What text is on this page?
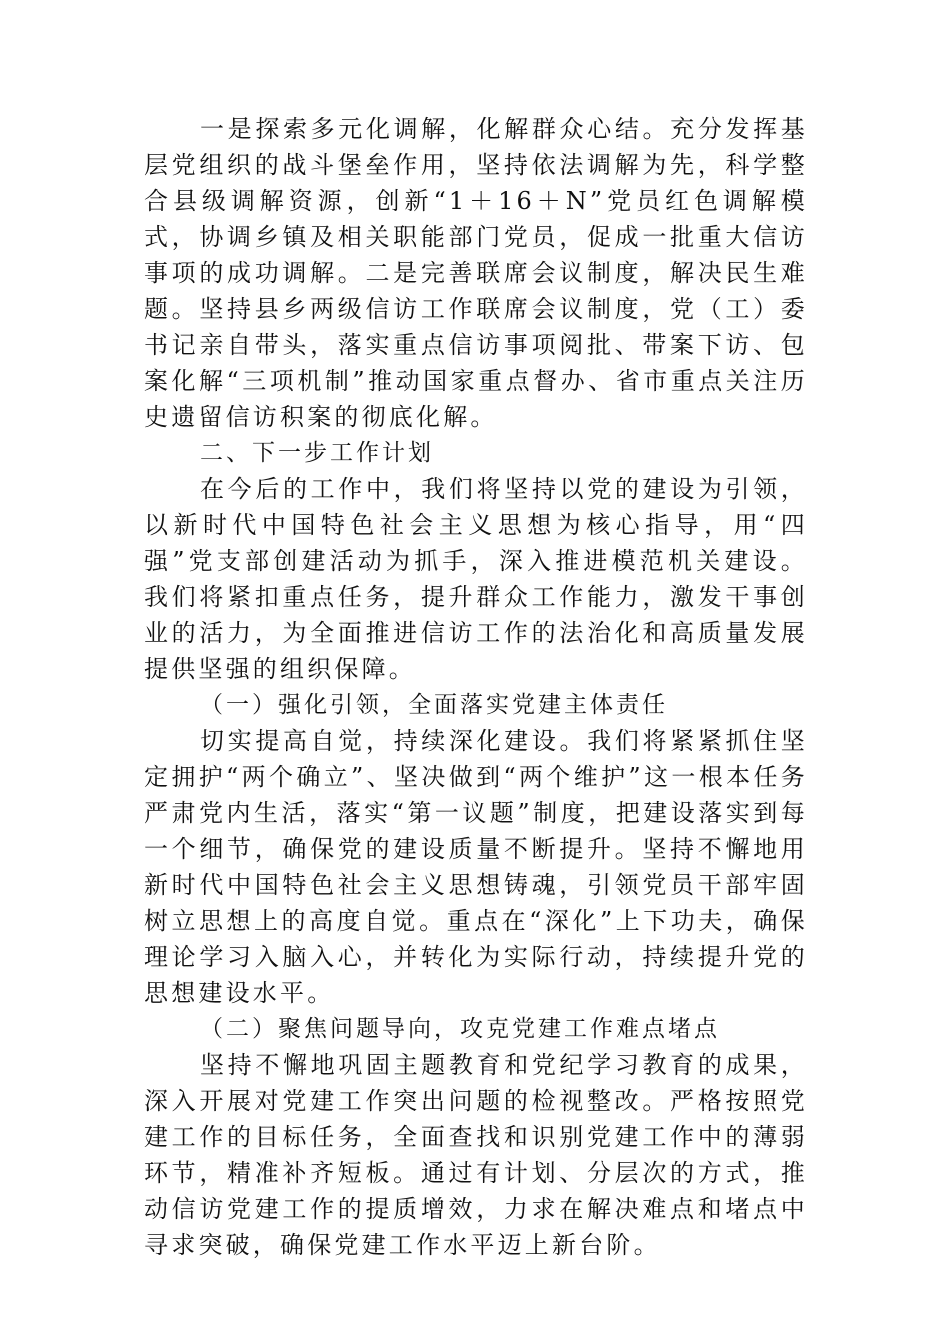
一是探索多元化调解，化解群众心结。充分发挥基层党组织的战斗堡垒作用，坚持依法调解为先，科学整合县级调解资源，创新“1＋16＋N”党员红色调解模式，协调乡镇及相关职能部门党员，促成一批重大信访事项的成功调解。二是完善联席会议制度，解决民生难题。坚持县乡两级信访工作联席会议制度，党（工）委书记亲自带头，落实重点信访事项阅批、带案下访、包案化解“三项机制”推动国家重点督办、省市重点关注历史遗留信访积案的彻底化解。

二、下一步工作计划

在今后的工作中，我们将坚持以党的建设为引领，以新时代中国特色社会主义思想为核心指导，用“四强”党支部创建活动为抓手，深入推进模范机关建设。我们将紧扣重点任务，提升群众工作能力，激发干事创业的活力，为全面推进信访工作的法治化和高质量发展提供坚强的组织保障。

（一）强化引领，全面落实党建主体责任

切实提高自觉，持续深化建设。我们将紧紧抓住坚定拥护“两个确立”、坚决做到“两个维护”这一根本任务严肃党内生活，落实“第一议题”制度，把建设落实到每一个细节，确保党的建设质量不断提升。坚持不懈地用新时代中国特色社会主义思想铸魂，引领党员干部牢固树立思想上的高度自觉。重点在“深化”上下功夫，确保理论学习入脑入心，并转化为实际行动，持续提升党的思想建设水平。

（二）聚焦问题导向，攻克党建工作难点堵点

坚持不懈地巩固主题教育和党纪学习教育的成果，深入开展对党建工作突出问题的检视整改。严格按照党建工作的目标任务，全面查找和识别党建工作中的薄弱环节，精准补齐短板。通过有计划、分层次的方式，推动信访党建工作的提质增效，力求在解决难点和堵点中寻求突破，确保党建工作水平迈上新台阶。
